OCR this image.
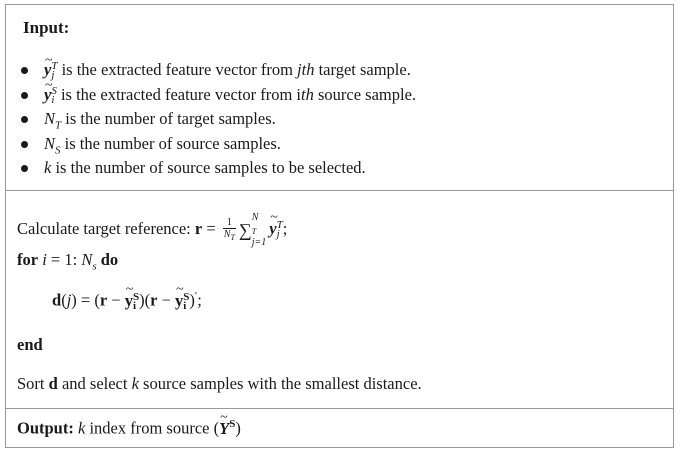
Input:
~ y T
j is the extracted feature vector from jth target sample.
~ y S
i is the extracted feature vector from ith source sample.
$N_T$ is the number of target samples.
$N_S$ is the number of source samples.
k is the number of source samples to be selected.
Calculate target reference: $r = \frac{1}{N_T}$ ∑
N
$_T$
j=1
~ y T
j ;
for i = 1: $N_s$ do
d(j) = (r − ~ y S
i )(r − ~ y S
i )′;
end
Sort d and select k source samples with the smallest distance.
Output: k index from source (~ $Y^S$)
